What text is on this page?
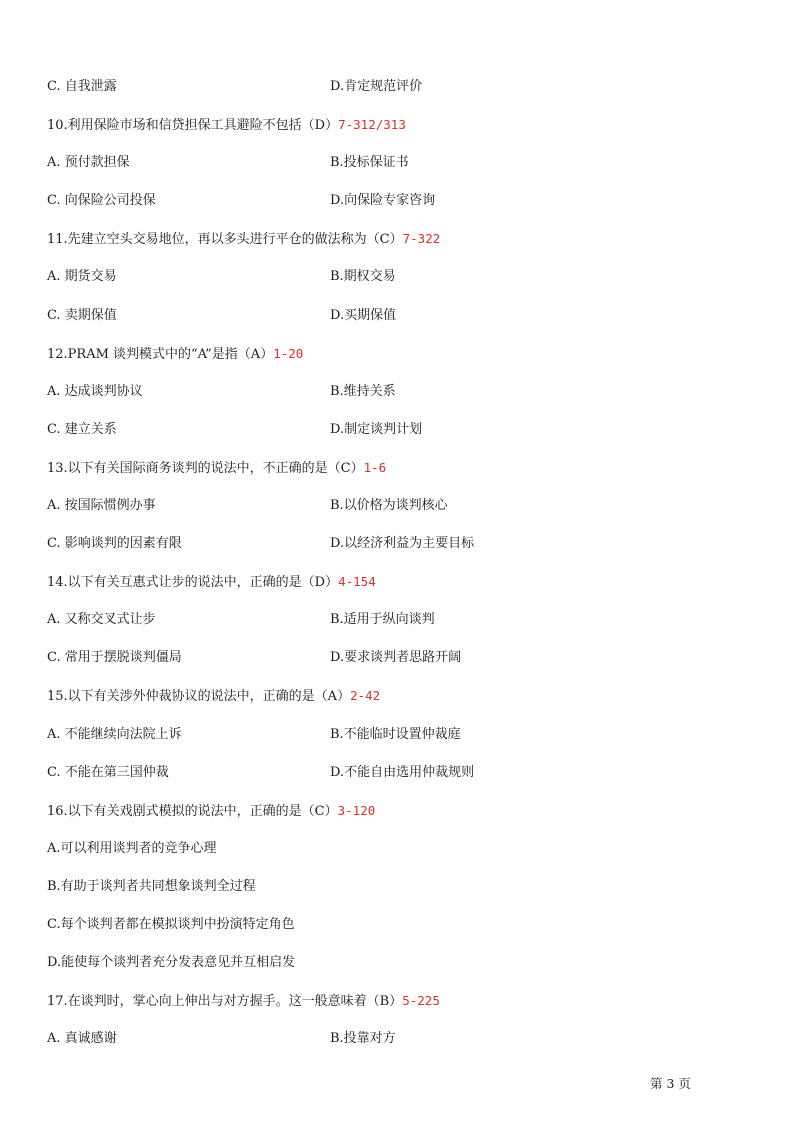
C. 自我泄露	D.肯定规范评价
10.利用保险市场和信贷担保工具避险不包括（D）7-312/313
A. 预付款担保	B.投标保证书
C. 向保险公司投保	D.向保险专家咨询
11.先建立空头交易地位，再以多头进行平仓的做法称为（C）7-322
A. 期货交易	B.期权交易
C. 卖期保值	D.买期保值
12.PRAM 谈判模式中的“A”是指（A）1-20
A. 达成谈判协议	B.维持关系
C. 建立关系	D.制定谈判计划
13.以下有关国际商务谈判的说法中，不正确的是（C）1-6
A. 按国际惯例办事	B.以价格为谈判核心
C. 影响谈判的因素有限	D.以经济利益为主要目标
14.以下有关互惠式让步的说法中，正确的是（D）4-154
A. 又称交叉式让步	B.适用于纵向谈判
C. 常用于摆脱谈判僵局	D.要求谈判者思路开阔
15.以下有关涉外仲裁协议的说法中，正确的是（A）2-42
A. 不能继续向法院上诉	B.不能临时设置仲裁庭
C. 不能在第三国仲裁	D.不能自由选用仲裁规则
16.以下有关戏剧式模拟的说法中，正确的是（C）3-120
A.可以利用谈判者的竞争心理
B.有助于谈判者共同想象谈判全过程
C.每个谈判者都在模拟谈判中扮演特定角色
D.能使每个谈判者充分发表意见并互相启发
17.在谈判时，掌心向上伸出与对方握手。这一般意味着（B）5-225
A. 真诚感谢	B.投靠对方
第 3 页
